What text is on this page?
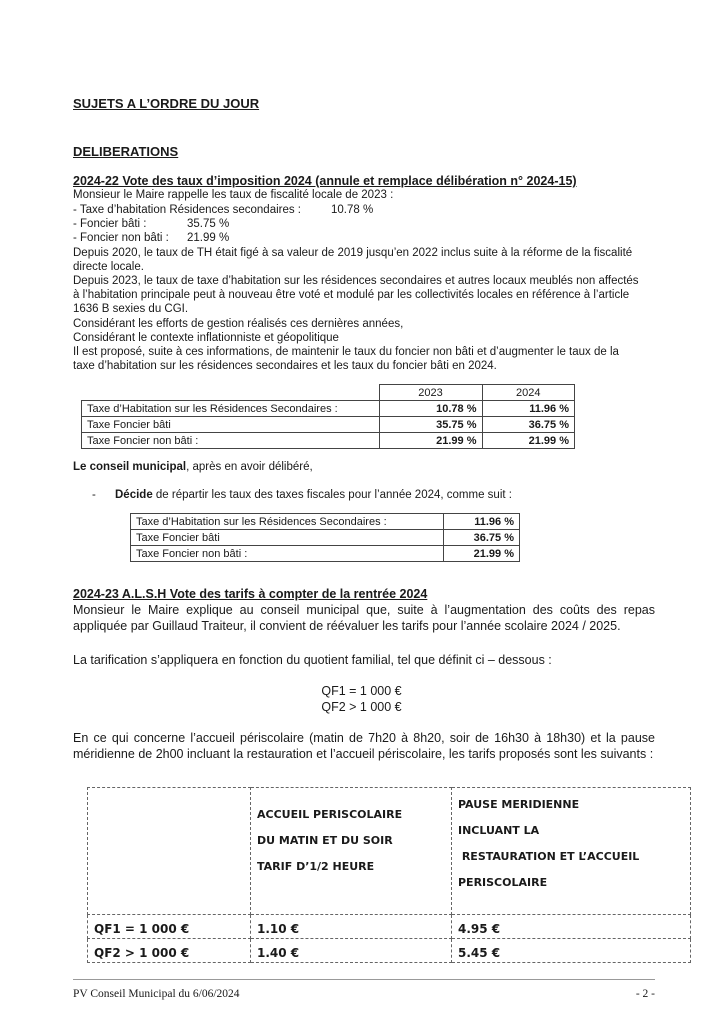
SUJETS A L’ORDRE DU JOUR
DELIBERATIONS
2024-22 Vote des taux d’imposition 2024 (annule et remplace délibération n° 2024-15)
Monsieur le Maire rappelle les taux de fiscalité locale de 2023 :
- Taxe d’habitation Résidences secondaires :	10.78 %
- Foncier bâti :	35.75 %
- Foncier non bâti : 21.99 %
Depuis 2020, le taux de TH était figé à sa valeur de 2019 jusqu’en 2022 inclus suite à la réforme de la fiscalité
directe locale.
Depuis 2023, le taux de taxe d’habitation sur les résidences secondaires et autres locaux meublés non affectés
à l’habitation principale peut à nouveau être voté et modulé par les collectivités locales en référence à l’article
1636 B sexies du CGI.
Considérant les efforts de gestion réalisés ces dernières années,
Considérant le contexte inflationniste et géopolitique
Il est proposé, suite à ces informations, de maintenir le taux du foncier non bâti et d’augmenter le taux de la
taxe d’habitation sur les résidences secondaires et les taux du foncier bâti en 2024.
	2023	2024
Taxe d’Habitation sur les Résidences Secondaires :	10.78 %	11.96 %
Taxe Foncier bâti	35.75 %	36.75 %
Taxe Foncier non bâti :	21.99 %	21.99 %
Le conseil municipal, après en avoir délibéré,
- Décide de répartir les taux des taxes fiscales pour l’année 2024, comme suit :
Taxe d’Habitation sur les Résidences Secondaires :	11.96 %
Taxe Foncier bâti	36.75 %
Taxe Foncier non bâti :	21.99 %
2024-23 A.L.S.H Vote des tarifs à compter de la rentrée 2024
Monsieur le Maire explique au conseil municipal que, suite à l’augmentation des coûts des repas appliquée par Guillaud Traiteur, il convient de réévaluer les tarifs pour l’année scolaire 2024 / 2025.
La tarification s’appliquera en fonction du quotient familial, tel que définit ci – dessous :
QF1 = 1 000 €
QF2 > 1 000 €
En ce qui concerne l’accueil périscolaire (matin de 7h20 à 8h20, soir de 16h30 à 18h30) et la pause méridienne de 2h00 incluant la restauration et l’accueil périscolaire, les tarifs proposés sont les suivants :

	ACCUEIL PERISCOLAIRE
DU MATIN ET DU SOIR
TARIF D’1/2 HEURE	PAUSE MERIDIENNE
INCLUANT LA
RESTAURATION ET L’ACCUEIL
PERISCOLAIRE

QF1 = 1 000 €	1.10 €	4.95 €
QF2 > 1 000 €	1.40 €	5.45 €
PV Conseil Municipal du 6/06/2024	- 2 -
